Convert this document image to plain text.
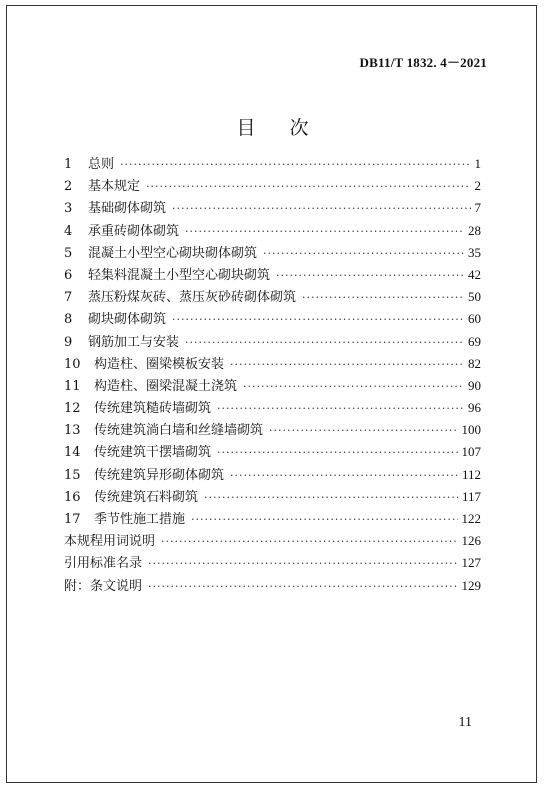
DB11/T 1832. 4－2021
目次
1	总则 ·····	1
2	基本规定 ·····	2
3	基础砌体砌筑 ·····	7
4	承重砖砌体砌筑 ·····	28
5	混凝土小型空心砌块砌体砌筑 ·····	35
6	轻集料混凝土小型空心砌块砌筑 ·····	42
7	蒸压粉煤灰砖、蒸压灰砂砖砌体砌筑 ·····	50
8	砌块砌体砌筑 ·····	60
9	钢筋加工与安装 ·····	69
10	构造柱、圈梁模板安装 ·····	82
11	构造柱、圈梁混凝土浇筑 ·····	90
12	传统建筑糙砖墙砌筑 ·····	96
13	传统建筑淌白墙和丝缝墙砌筑 ·····	100
14	传统建筑干摆墙砌筑 ·····	107
15	传统建筑异形砌体砌筑 ·····	112
16	传统建筑石料砌筑 ·····	117
17	季节性施工措施 ·····	122
本规程用词说明 ·····	126
引用标准名录 ·····	127
附：条文说明 ·····	129
11
